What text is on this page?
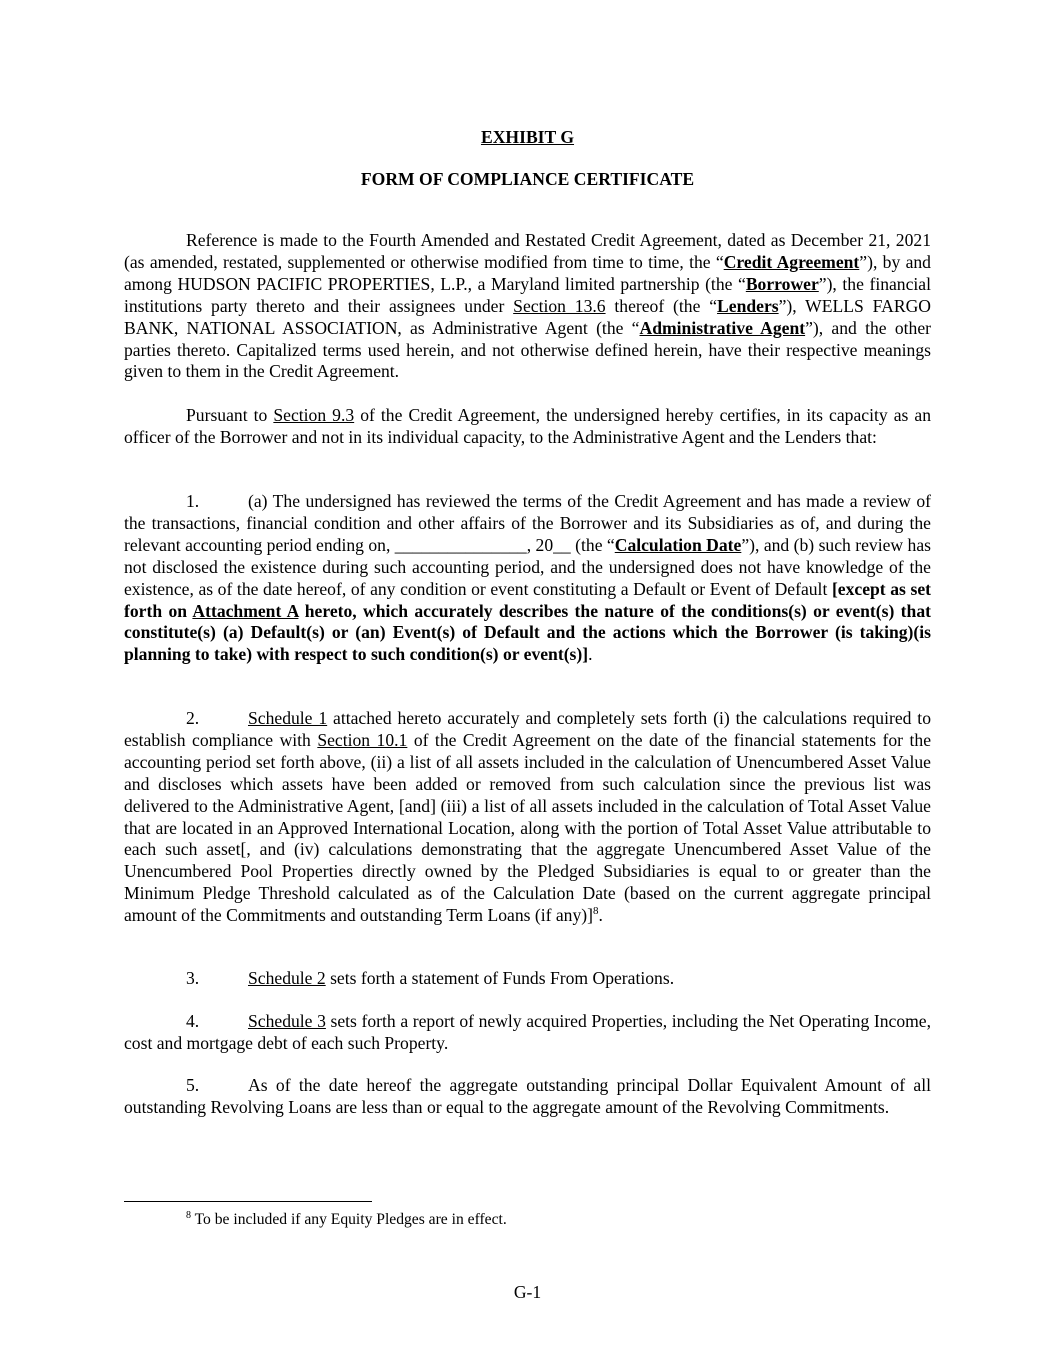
EXHIBIT G
FORM OF COMPLIANCE CERTIFICATE

Reference is made to the Fourth Amended and Restated Credit Agreement, dated as December 21, 2021 (as amended, restated, supplemented or otherwise modified from time to time, the “Credit Agreement”), by and among HUDSON PACIFIC PROPERTIES, L.P., a Maryland limited partnership (the “Borrower”), the financial institutions party thereto and their assignees under Section 13.6 thereof (the “Lenders”), WELLS FARGO BANK, NATIONAL ASSOCIATION, as Administrative Agent (the “Administrative Agent”), and the other parties thereto. Capitalized terms used herein, and not otherwise defined herein, have their respective meanings given to them in the Credit Agreement.

Pursuant to Section 9.3 of the Credit Agreement, the undersigned hereby certifies, in its capacity as an officer of the Borrower and not in its individual capacity, to the Administrative Agent and the Lenders that:

1.	(a) The undersigned has reviewed the terms of the Credit Agreement and has made a review of the transactions, financial condition and other affairs of the Borrower and its Subsidiaries as of, and during the relevant accounting period ending on, _______________, 20__ (the “Calculation Date”), and (b) such review has not disclosed the existence during such accounting period, and the undersigned does not have knowledge of the existence, as of the date hereof, of any condition or event constituting a Default or Event of Default [except as set forth on Attachment A hereto, which accurately describes the nature of the conditions(s) or event(s) that constitute(s) (a) Default(s) or (an) Event(s) of Default and the actions which the Borrower (is taking)(is planning to take) with respect to such condition(s) or event(s)].

2.	Schedule 1 attached hereto accurately and completely sets forth (i) the calculations required to establish compliance with Section 10.1 of the Credit Agreement on the date of the financial statements for the accounting period set forth above, (ii) a list of all assets included in the calculation of Unencumbered Asset Value and discloses which assets have been added or removed from such calculation since the previous list was delivered to the Administrative Agent, [and] (iii) a list of all assets included in the calculation of Total Asset Value that are located in an Approved International Location, along with the portion of Total Asset Value attributable to each such asset[, and (iv) calculations demonstrating that the aggregate Unencumbered Asset Value of the Unencumbered Pool Properties directly owned by the Pledged Subsidiaries is equal to or greater than the Minimum Pledge Threshold calculated as of the Calculation Date (based on the current aggregate principal amount of the Commitments and outstanding Term Loans (if any)]$^8$.

3.	Schedule 2 sets forth a statement of Funds From Operations.

4.	Schedule 3 sets forth a report of newly acquired Properties, including the Net Operating Income, cost and mortgage debt of each such Property.

5.	As of the date hereof the aggregate outstanding principal Dollar Equivalent Amount of all outstanding Revolving Loans are less than or equal to the aggregate amount of the Revolving Commitments.

$^8$ To be included if any Equity Pledges are in effect.
G-1
